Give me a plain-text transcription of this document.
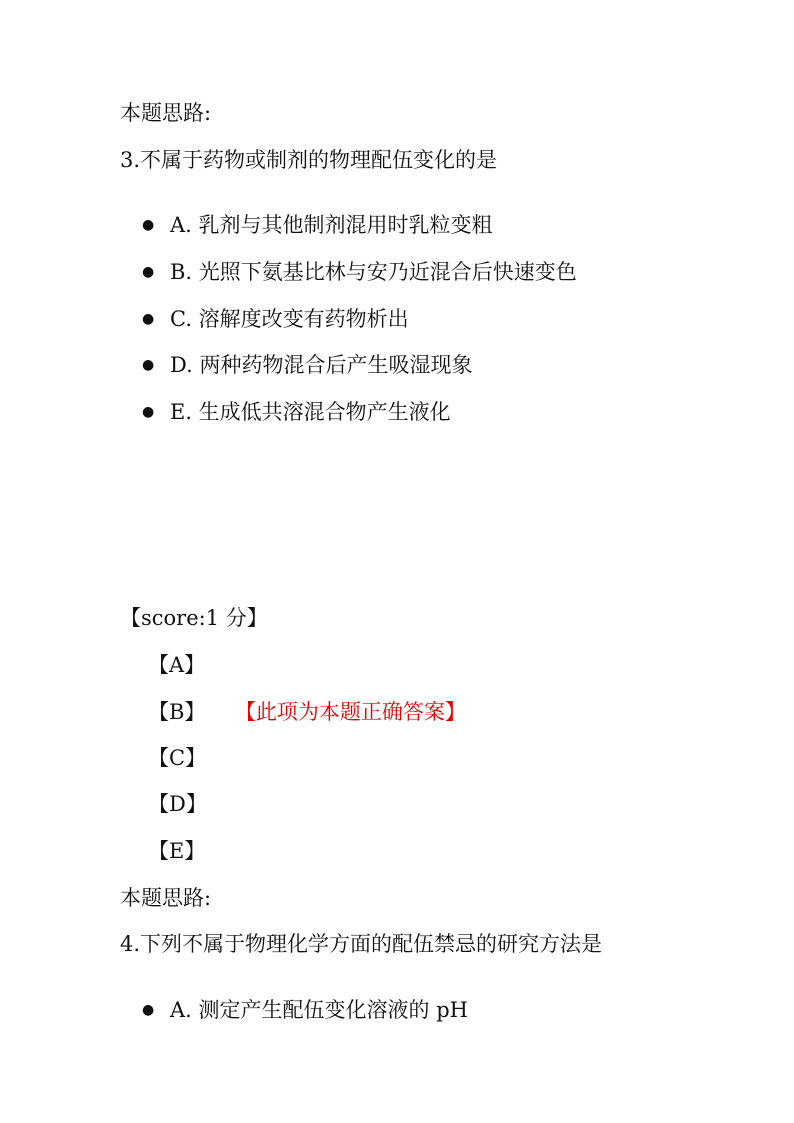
本题思路:
3.不属于药物或制剂的物理配伍变化的是
● A. 乳剂与其他制剂混用时乳粒变粗
● B. 光照下氨基比林与安乃近混合后快速变色
● C. 溶解度改变有药物析出
● D. 两种药物混合后产生吸湿现象
● E. 生成低共溶混合物产生液化
【score:1 分】
【A】
【B】 【此项为本题正确答案】
【C】
【D】
【E】
本题思路:
4.下列不属于物理化学方面的配伍禁忌的研究方法是
● A. 测定产生配伍变化溶液的 pH
